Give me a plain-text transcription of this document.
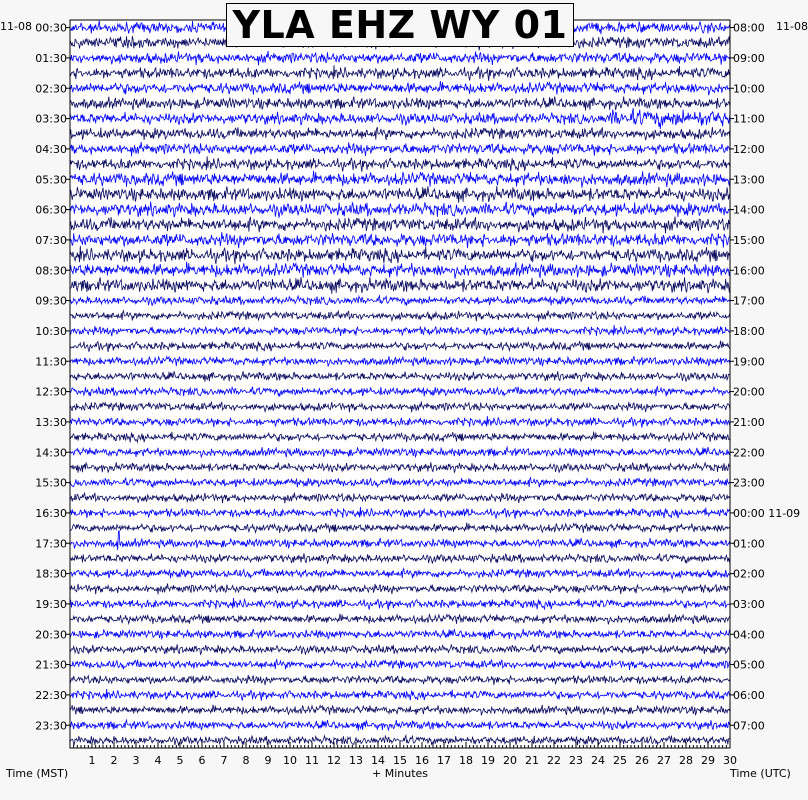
1 2 3 4 5 6 7 8 9 10 11 12 13 14 15 16 17 18 19 20 21 22 23 24 25 26 27 28 29 30
00:30
01:30
02:30
03:30
04:30
05:30
06:30
07:30
08:30
09:30
10:30
11:30
12:30
13:30
14:30
15:30
16:30
17:30
18:30
19:30
20:30
21:30
22:30
23:30
08:00
09:00
10:00
11:00
12:00
13:00
14:00
15:00
16:00
17:00
18:00
19:00
20:00
21:00
22:00
23:00
00:00 11-09
01:00
02:00
03:00
04:00
05:00
06:00
07:00
YLA EHZ WY 01
11-08	11-08
Time (MST)	+ Minutes	Time (UTC)
